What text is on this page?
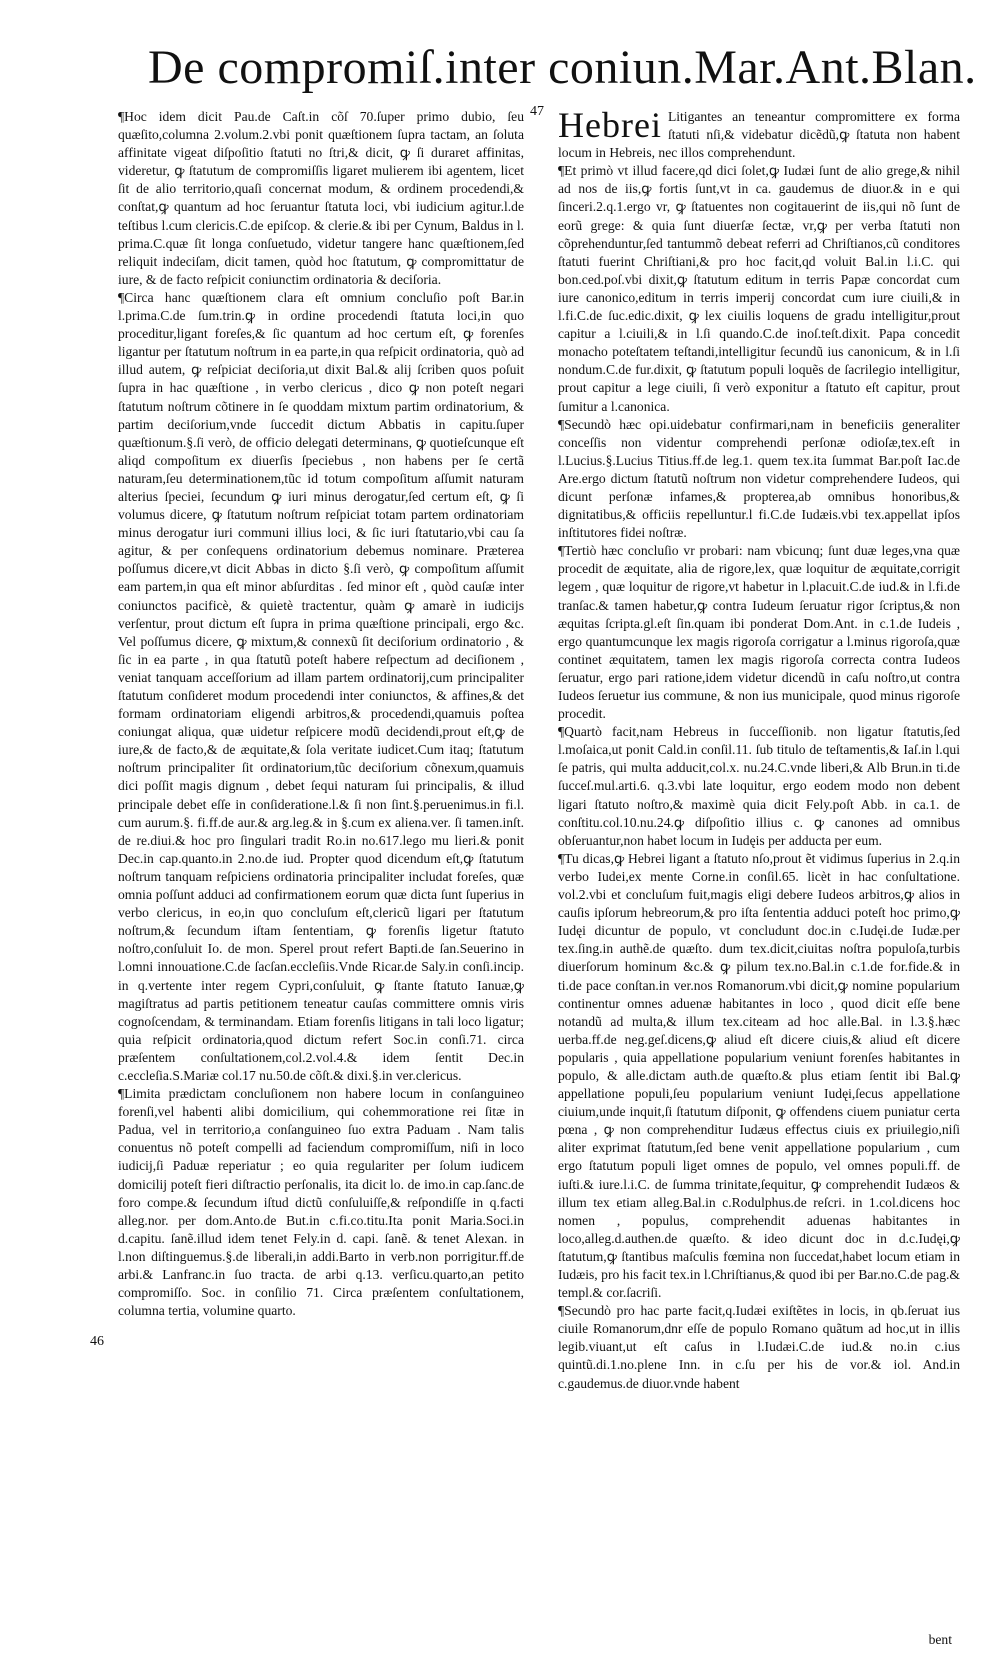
De compromiſ.inter coniun.Mar.Ant.Blan.
47
46

¶Hoc idem dicit Pau.de Caſt.in cõſ 70.ſuper primo dubio, ſeu quæſito,columna 2.volum.2.vbi ponit quæſtionem ſupra tactam, an ſoluta affinitate vigeat diſpoſitio ſtatuti no ſtri,& dicit, ꝙ ſi duraret affinitas, videretur, ꝙ ſtatutum de compromiſſis ligaret mulierem ibi agentem, licet ſit de alio territorio,quaſi concernat modum, & ordinem procedendi,& conſtat,ꝙ quantum ad hoc ſeruantur ſtatuta loci, vbi iudicium agitur.l.de teſtibus l.cum clericis.C.de epiſcop. & clerie.& ibi per Cynum, Baldus in l. prima.C.quæ ſit longa conſuetudo, videtur tangere hanc quæſtionem,ſed reliquit indeciſam, dicit tamen, quòd hoc ſtatutum, ꝙ compromittatur de iure, & de facto reſpicit coniunctim ordinatoria & deciſoria.

¶Circa hanc quæſtionem clara eſt omnium concluſio poſt Bar.in l.prima.C.de ſum.trin.ꝙ in ordine procedendi ſtatuta loci,in quo proceditur,ligant foreſes,& ſic quantum ad hoc certum eſt, ꝙ forenſes ligantur per ſtatutum noſtrum in ea parte,in qua reſpicit ordinatoria, quò ad illud autem, ꝙ reſpiciat deciſoria,ut dixit Bal.& alij ſcriben quos poſuit ſupra in hac quæſtione , in verbo clericus , dico ꝙ non poteſt negari ſtatutum noſtrum cõtinere in ſe quoddam mixtum partim ordinatorium, & partim deciſorium,vnde ſuccedit dictum Abbatis in capitu.ſuper quæſtionum.§.ſi verò, de officio delegati determinans, ꝙ quotieſcunque eſt aliqd compoſitum ex diuerſis ſpeciebus , non habens per ſe certã naturam,ſeu determinationem,tũc id totum compoſitum aſſumit naturam alterius ſpeciei, ſecundum ꝙ iuri minus derogatur,ſed certum eſt, ꝙ ſi volumus dicere, ꝙ ſtatutum noſtrum reſpiciat totam partem ordinatoriam minus derogatur iuri communi illius loci, & ſic iuri ſtatutario,vbi cau ſa agitur, & per conſequens ordinatorium debemus nominare. Præterea poſſumus dicere,vt dicit Abbas in dicto §.ſi verò, ꝙ compoſitum aſſumit eam partem,in qua eſt minor abſurditas . ſed minor eſt , quòd cauſæ inter coniunctos pacificè, & quietè tractentur, quàm ꝙ amarè in iudicijs verſentur, prout dictum eſt ſupra in prima quæſtione principali, ergo &c. Vel poſſumus dicere, ꝙ mixtum,& connexũ ſit deciſorium ordinatorio , & ſic in ea parte , in qua ſtatutũ poteſt habere reſpectum ad deciſionem , veniat tanquam acceſſorium ad illam partem ordinatorij,cum principaliter ſtatutum conſideret modum procedendi inter coniunctos, & affines,& det formam ordinatoriam eligendi arbitros,& procedendi,quamuis poſtea coniungat aliqua, quæ uidetur reſpicere modũ decidendi,prout eſt,ꝙ de iure,& de facto,& de æquitate,& ſola veritate iudicet.Cum itaq; ſtatutum noſtrum principaliter ſit ordinatorium,tũc deciſorium cõnexum,quamuis dici poſſit magis dignum , debet ſequi naturam ſui principalis, & illud principale debet eſſe in conſideratione.l.& ſi non ſint.§.peruenimus.in fi.l. cum aurum.§. fi.ff.de aur.& arg.leg.& in §.cum ex aliena.ver. ſi tamen.inſt. de re.diui.& hoc pro ſingulari tradit Ro.in no.617.lego mu lieri.& ponit Dec.in cap.quanto.in 2.no.de iud. Propter quod dicendum eſt,ꝙ ſtatutum noſtrum tanquam reſpiciens ordinatoria principaliter includat foreſes, quæ omnia poſſunt adduci ad confirmationem eorum quæ dicta ſunt ſuperius in verbo clericus, in eo,in quo concluſum eſt,clericũ ligari per ſtatutum noſtrum,& ſecundum iſtam ſententiam, ꝙ forenſis ligetur ſtatuto noſtro,conſuluit Io. de mon. Sperel prout refert Bapti.de ſan.Seuerino in l.omni innouatione.C.de ſacſan.eccleſiis.Vnde Ricar.de Saly.in conſi.incip. in q.vertente inter regem Cypri,conſuluit, ꝙ ſtante ſtatuto Ianuæ,ꝙ magiſtratus ad partis petitionem teneatur cauſas committere omnis viris cognoſcendam, & terminandam. Etiam forenſis litigans in tali loco ligatur; quia reſpicit ordinatoria,quod dictum refert Soc.in conſi.71. circa præſentem conſultationem,col.2.vol.4.& idem ſentit Dec.in c.eccleſia.S.Mariæ col.17 nu.50.de cõſt.& dixi.§.in ver.clericus.

¶Limita prædictam concluſionem non habere locum in conſanguineo forenſi,vel habenti alibi domicilium, qui cohemmoratione rei ſitæ in Padua, vel in territorio,a conſanguineo ſuo extra Paduam . Nam talis conuentus nõ poteſt compelli ad faciendum compromiſſum, niſi in loco iudicij,ſi Paduæ reperiatur ; eo quia regulariter per ſolum iudicem domicilij poteſt fieri diſtractio perſonalis, ita dicit lo. de imo.in cap.ſanc.de foro compe.& ſecundum iſtud dictũ conſuluiſſe,& reſpondiſſe in q.facti alleg.nor. per dom.Anto.de But.in c.fi.co.titu.Ita ponit Maria.Soci.in d.capitu. ſanẽ.illud idem tenet Fely.in d. capi. ſanẽ. & tenet Alexan. in l.non diſtinguemus.§.de liberali,in addi.Barto in verb.non porrigitur.ff.de arbi.& Lanfranc.in ſuo tracta. de arbi q.13. verſicu.quarto,an petito compromiſſo. Soc. in conſilio 71. Circa præſentem conſultationem, columna tertia, volumine quarto.

Hebrei Litigantes an teneantur compromittere ex forma ſtatuti nſi,& videbatur dicẽdũ,ꝙ ſtatuta non habent locum in Hebreis, nec illos comprehendunt.

¶Et primò vt illud facere,qd dici ſolet,ꝙ Iudæi ſunt de alio grege,& nihil ad nos de iis,ꝙ fortis ſunt,vt in ca. gaudemus de diuor.& in e qui ſinceri.2.q.1.ergo vr, ꝙ ſtatuentes non cogitauerint de iis,qui nõ ſunt de eorũ grege: & quia ſunt diuerſæ ſectæ, vr,ꝙ per verba ſtatuti non cõprehenduntur,ſed tantummõ debeat referri ad Chriſtianos,cũ conditores ſtatuti fuerint Chriſtiani,& pro hoc facit,qd voluit Bal.in l.i.C. qui bon.ced.poſ.vbi dixit,ꝙ ſtatutum editum in terris Papæ concordat cum iure canonico,editum in terris imperij concordat cum iure ciuili,& in l.fi.C.de ſuc.edic.dixit, ꝙ lex ciuilis loquens de gradu intelligitur,prout capitur a l.ciuili,& in l.ſi quando.C.de inoſ.teſt.dixit. Papa concedit monacho poteſtatem teſtandi,intelligitur ſecundũ ius canonicum, & in l.ſi nondum.C.de fur.dixit, ꝙ ſtatutum populi loquẽs de ſacrilegio intelligitur, prout capitur a lege ciuili, ſi verò exponitur a ſtatuto eſt capitur, prout ſumitur a l.canonica.

¶Secundò hæc opi.uidebatur confirmari,nam in beneficiis generaliter conceſſis non videntur comprehendi perſonæ odioſæ,tex.eſt in l.Lucius.§.Lucius Titius.ff.de leg.1. quem tex.ita ſummat Bar.poſt Iac.de Are.ergo dictum ſtatutũ noſtrum non videtur comprehendere Iudeos, qui dicunt perſonæ infames,& propterea,ab omnibus honoribus,& dignitatibus,& officiis repelluntur.l fi.C.de Iudæis.vbi tex.appellat ipſos inſtitutores fidei noſtræ.

¶Tertiò hæc concluſio vr probari: nam vbicunq; ſunt duæ leges,vna quæ procedit de æquitate, alia de rigore,lex, quæ loquitur de æquitate,corrigit legem , quæ loquitur de rigore,vt habetur in l.placuit.C.de iud.& in l.fi.de tranſac.& tamen habetur,ꝙ contra Iudeum ſeruatur rigor ſcriptus,& non æquitas ſcripta.gl.eſt ſin.quam ibi ponderat Dom.Ant. in c.1.de Iudeis , ergo quantumcunque lex magis rigoroſa corrigatur a l.minus rigoroſa,quæ continet æquitatem, tamen lex magis rigoroſa correcta contra Iudeos ſeruatur, ergo pari ratione,idem videtur dicendũ in caſu noſtro,ut contra Iudeos ſeruetur ius commune, & non ius municipale, quod minus rigoroſe procedit.

¶Quartò facit,nam Hebreus in ſucceſſionib. non ligatur ſtatutis,ſed l.moſaica,ut ponit Cald.in conſil.11. ſub titulo de teſtamentis,& Iaſ.in l.qui ſe patris, qui multa adducit,col.x. nu.24.C.vnde liberi,& Alb Brun.in ti.de ſucceſ.mul.arti.6. q.3.vbi late loquitur, ergo eodem modo non debent ligari ſtatuto noſtro,& maximè quia dicit Fely.poſt Abb. in ca.1. de conſtitu.col.10.nu.24.ꝙ diſpoſitio illius c. ꝙ canones ad omnibus obſeruantur,non habet locum in Iudęis per adducta per eum.

¶Tu dicas,ꝙ Hebrei ligant a ſtatuto nſo,prout ẽt vidimus ſuperius in 2.q.in verbo Iudei,ex mente Corne.in conſil.65. licèt in hac conſultatione. vol.2.vbi et concluſum fuit,magis eligi debere Iudeos arbitros,ꝙ alios in cauſis ipſorum hebreorum,& pro iſta ſententia adduci poteſt hoc primo,ꝙ Iudęi dicuntur de populo, vt concludunt doc.in c.Iudęi.de Iudæ.per tex.ſing.in authẽ.de quæſto. dum tex.dicit,ciuitas noſtra populoſa,turbis diuerſorum hominum &c.& ꝙ pilum tex.no.Bal.in c.1.de for.fide.& in ti.de pace conſtan.in ver.nos Romanorum.vbi dicit,ꝙ nomine popularium continentur omnes aduenæ habitantes in loco , quod dicit eſſe bene notandũ ad multa,& illum tex.citeam ad hoc alle.Bal. in l.3.§.hæc uerba.ff.de neg.geſ.dicens,ꝙ aliud eſt dicere ciuis,& aliud eſt dicere popularis , quia appellatione popularium veniunt forenſes habitantes in populo, & alle.dictam auth.de quæſto.& plus etiam ſentit ibi Bal.ꝙ appellatione populi,ſeu popularium veniunt Iudęi,ſecus appellatione ciuium,unde inquit,ſi ſtatutum diſponit, ꝙ offendens ciuem puniatur certa pœna , ꝙ non comprehenditur Iudæus effectus ciuis ex priuilegio,niſi aliter exprimat ſtatutum,ſed bene venit appellatione popularium , cum ergo ſtatutum populi liget omnes de populo, vel omnes populi.ff. de iuſti.& iure.l.i.C. de ſumma trinitate,ſequitur, ꝙ comprehendit Iudæos & illum tex etiam alleg.Bal.in c.Rodulphus.de reſcri. in 1.col.dicens hoc nomen , populus, comprehendit aduenas habitantes in loco,alleg.d.authen.de quæſto. & ideo dicunt doc in d.c.Iudęi,ꝙ ſtatutum,ꝙ ſtantibus maſculis fœmina non ſuccedat,habet locum etiam in Iudæis, pro his facit tex.in l.Chriſtianus,& quod ibi per Bar.no.C.de pag.& templ.& cor.ſacriſi.

¶Secundò pro hac parte facit,q.Iudæi exiſtẽtes in locis, in qb.ſeruat ius ciuile Romanorum,dnr eſſe de populo Romano quãtum ad hoc,ut in illis legib.viuant,ut eſt caſus in l.Iudæi.C.de iud.& no.in c.ius quintũ.di.1.no.plene Inn. in c.ſu per his de vor.& iol. And.in c.gaudemus.de diuor.vnde habent

bent
